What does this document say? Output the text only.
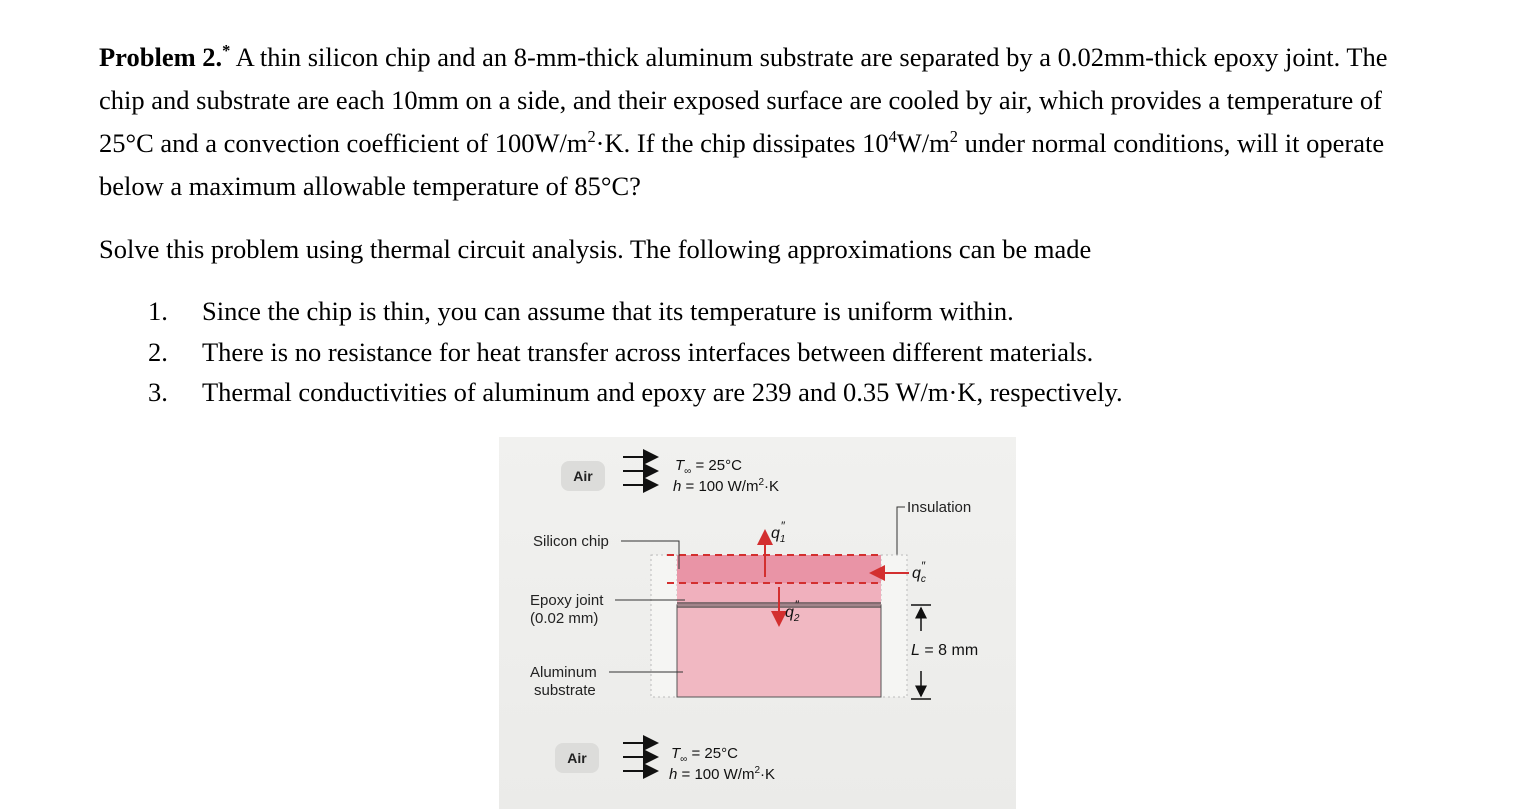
Problem 2.* A thin silicon chip and an 8-mm-thick aluminum substrate are separated by a 0.02mm-thick epoxy joint. The chip and substrate are each 10mm on a side, and their exposed surface are cooled by air, which provides a temperature of 25°C and a convection coefficient of $100W/m^2\cdot K$. If the chip dissipates $10^4W/m^2$ under normal conditions, will it operate below a maximum allowable temperature of 85°C?

Solve this problem using thermal circuit analysis. The following approximations can be made

1.	Since the chip is thin, you can assume that its temperature is uniform within.
2.	There is no resistance for heat transfer across interfaces between different materials.
3.	Thermal conductivities of aluminum and epoxy are 239 and 0.35 W/m·K, respectively.
Air
$T_\infty = 25^\circ C$
h = 100 $W/m^2\cdot K$
Insulation
Silicon chip
Epoxy joint
(0.02 mm)
Aluminum
substrate
$q_1''$
$q_2''$
$q_c''$
L = 8 mm
Air	$T_\infty = 25^\circ C$
h = 100 $W/m^2\cdot K$
